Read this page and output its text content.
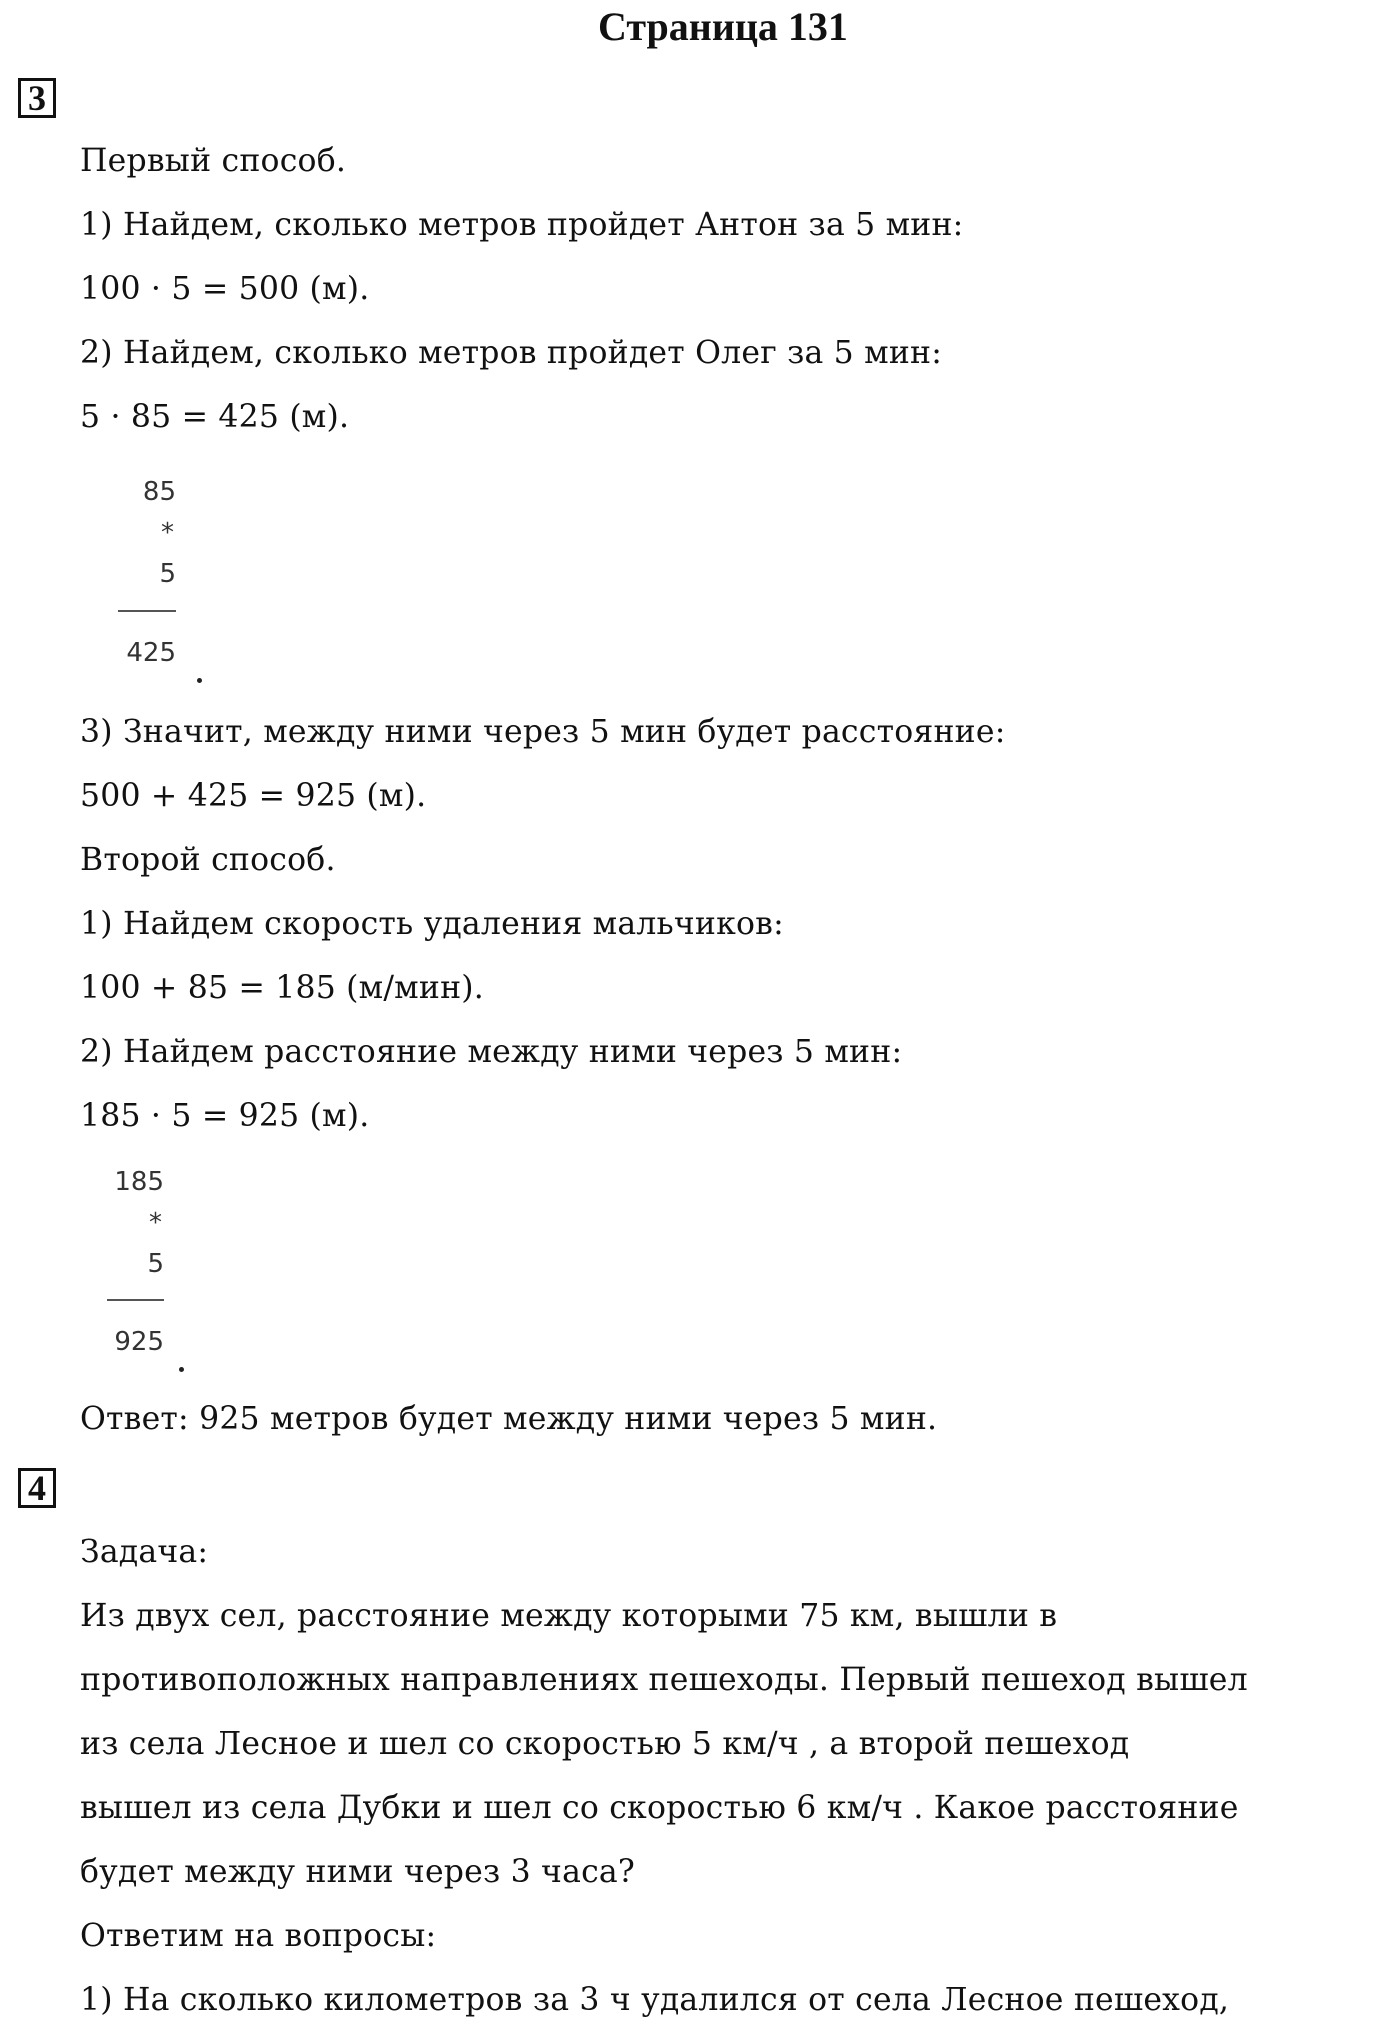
Страница 131
3
Первый способ.
1) Найдем, сколько метров пройдет Антон за 5 мин:
100 · 5 = 500 (м).
2) Найдем, сколько метров пройдет Олег за 5 мин:
5 · 85 = 425 (м).
85
*
5
425
3) Значит, между ними через 5 мин будет расстояние:
500 + 425 = 925 (м).
Второй способ.
1) Найдем скорость удаления мальчиков:
100 + 85 = 185 (м/мин).
2) Найдем расстояние между ними через 5 мин:
185 · 5 = 925 (м).
185
*
5
925
Ответ: 925 метров будет между ними через 5 мин.
4
Задача:
Из двух сел, расстояние между которыми 75 км, вышли в
противоположных направлениях пешеходы. Первый пешеход вышел
из села Лесное и шел со скоростью 5 км/ч , а второй пешеход
вышел из села Дубки и шел со скоростью 6 км/ч . Какое расстояние
будет между ними через 3 часа?
Ответим на вопросы:
1) На сколько километров за 3 ч удалился от села Лесное пешеход,
